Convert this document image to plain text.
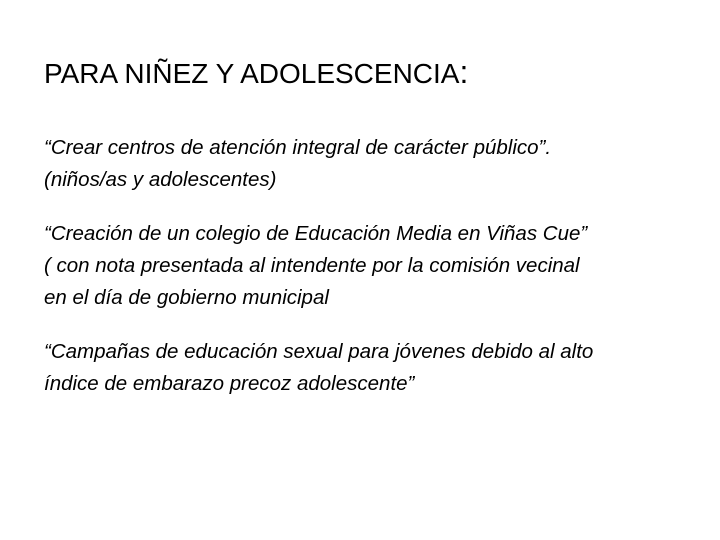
PARA NIÑEZ Y ADOLESCENCIA:

“Crear centros de atención integral de carácter público”.
(niños/as y adolescentes)

“Creación de un colegio de Educación Media en Viñas Cue”
( con nota presentada al intendente por la comisión vecinal
en el día de gobierno municipal

“Campañas de educación sexual para jóvenes debido al alto
índice de embarazo precoz adolescente”
